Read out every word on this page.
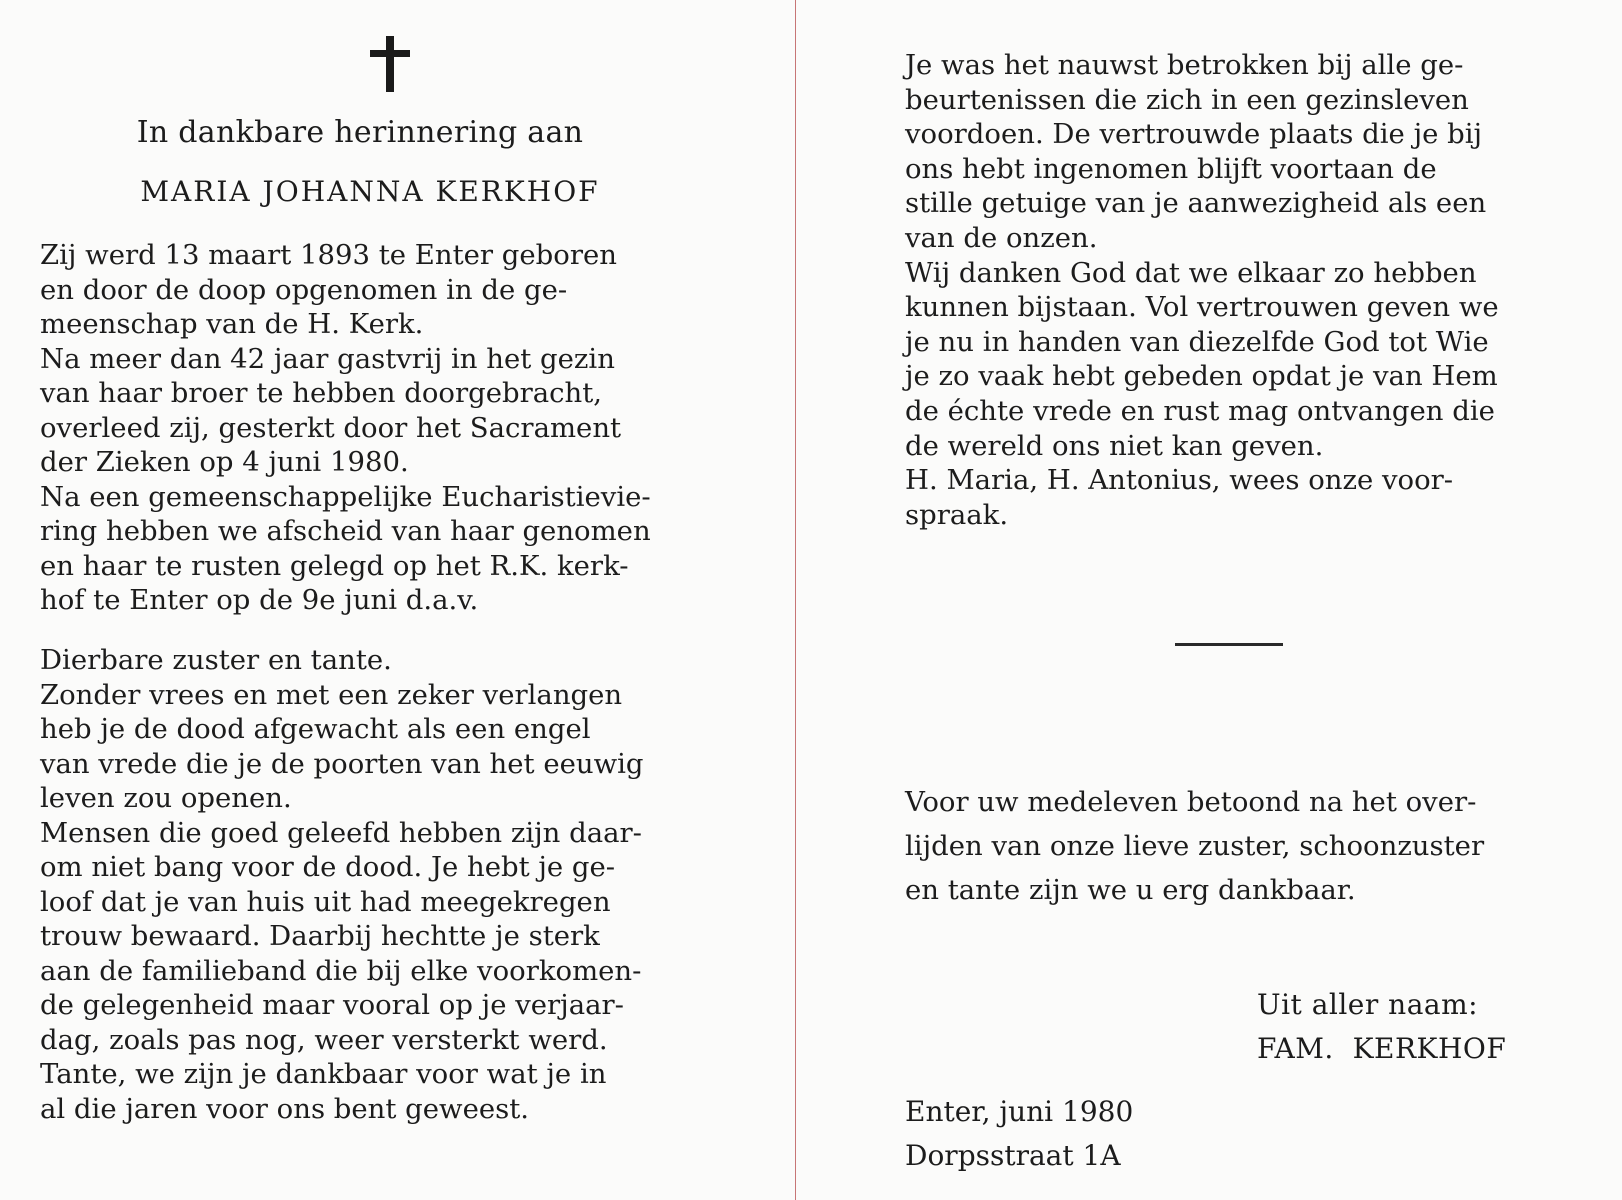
In dankbare herinnering aan
MARIA JOHANNA KERKHOF
Zij werd 13 maart 1893 te Enter geboren
en door de doop opgenomen in de ge-
meenschap van de H. Kerk.
Na meer dan 42 jaar gastvrij in het gezin
van haar broer te hebben doorgebracht,
overleed zij, gesterkt door het Sacrament
der Zieken op 4 juni 1980.
Na een gemeenschappelijke Eucharistievie-
ring hebben we afscheid van haar genomen
en haar te rusten gelegd op het R.K. kerk-
hof te Enter op de 9e juni d.a.v.
Dierbare zuster en tante.
Zonder vrees en met een zeker verlangen
heb je de dood afgewacht als een engel
van vrede die je de poorten van het eeuwig
leven zou openen.
Mensen die goed geleefd hebben zijn daar-
om niet bang voor de dood. Je hebt je ge-
loof dat je van huis uit had meegekregen
trouw bewaard. Daarbij hechtte je sterk
aan de familieband die bij elke voorkomen-
de gelegenheid maar vooral op je verjaar-
dag, zoals pas nog, weer versterkt werd.
Tante, we zijn je dankbaar voor wat je in
al die jaren voor ons bent geweest.
Je was het nauwst betrokken bij alle ge-
beurtenissen die zich in een gezinsleven
voordoen. De vertrouwde plaats die je bij
ons hebt ingenomen blijft voortaan de
stille getuige van je aanwezigheid als een
van de onzen.
Wij danken God dat we elkaar zo hebben
kunnen bijstaan. Vol vertrouwen geven we
je nu in handen van diezelfde God tot Wie
je zo vaak hebt gebeden opdat je van Hem
de échte vrede en rust mag ontvangen die
de wereld ons niet kan geven.
H. Maria, H. Antonius, wees onze voor-
spraak.
Voor uw medeleven betoond na het over-
lijden van onze lieve zuster, schoonzuster
en tante zijn we u erg dankbaar.
Uit aller naam:
FAM.  KERKHOF
Enter, juni 1980
Dorpsstraat 1A
